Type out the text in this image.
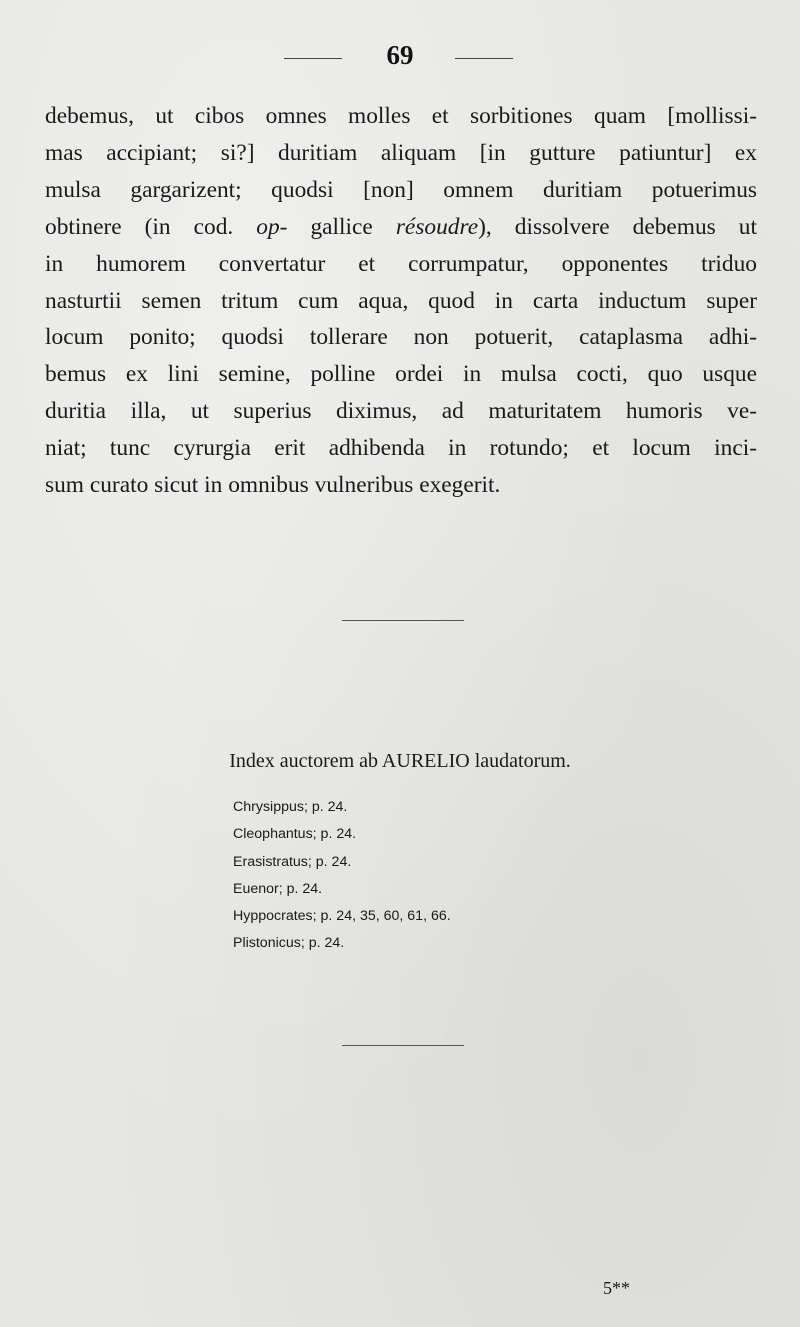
69
debemus, ut cibos omnes molles et sorbitiones quam [mollissi-
mas accipiant; si?] duritiam aliquam [in gutture patiuntur] ex
mulsa gargarizent; quodsi [non] omnem duritiam potuerimus
obtinere (in cod. op- gallice résoudre), dissolvere debemus ut
in humorem convertatur et corrumpatur, opponentes triduo
nasturtii semen tritum cum aqua, quod in carta inductum super
locum ponito; quodsi tollerare non potuerit, cataplasma adhi-
bemus ex lini semine, polline ordei in mulsa cocti, quo usque
duritia illa, ut superius diximus, ad maturitatem humoris ve-
niat; tunc cyrurgia erit adhibenda in rotundo; et locum inci-
sum curato sicut in omnibus vulneribus exegerit.
Index auctorem ab AURELIO laudatorum.
Chrysippus; p. 24.
Cleophantus; p. 24.
Erasistratus; p. 24.
Euenor; p. 24.
Hyppocrates; p. 24, 35, 60, 61, 66.
Plistonicus; p. 24.
5**
